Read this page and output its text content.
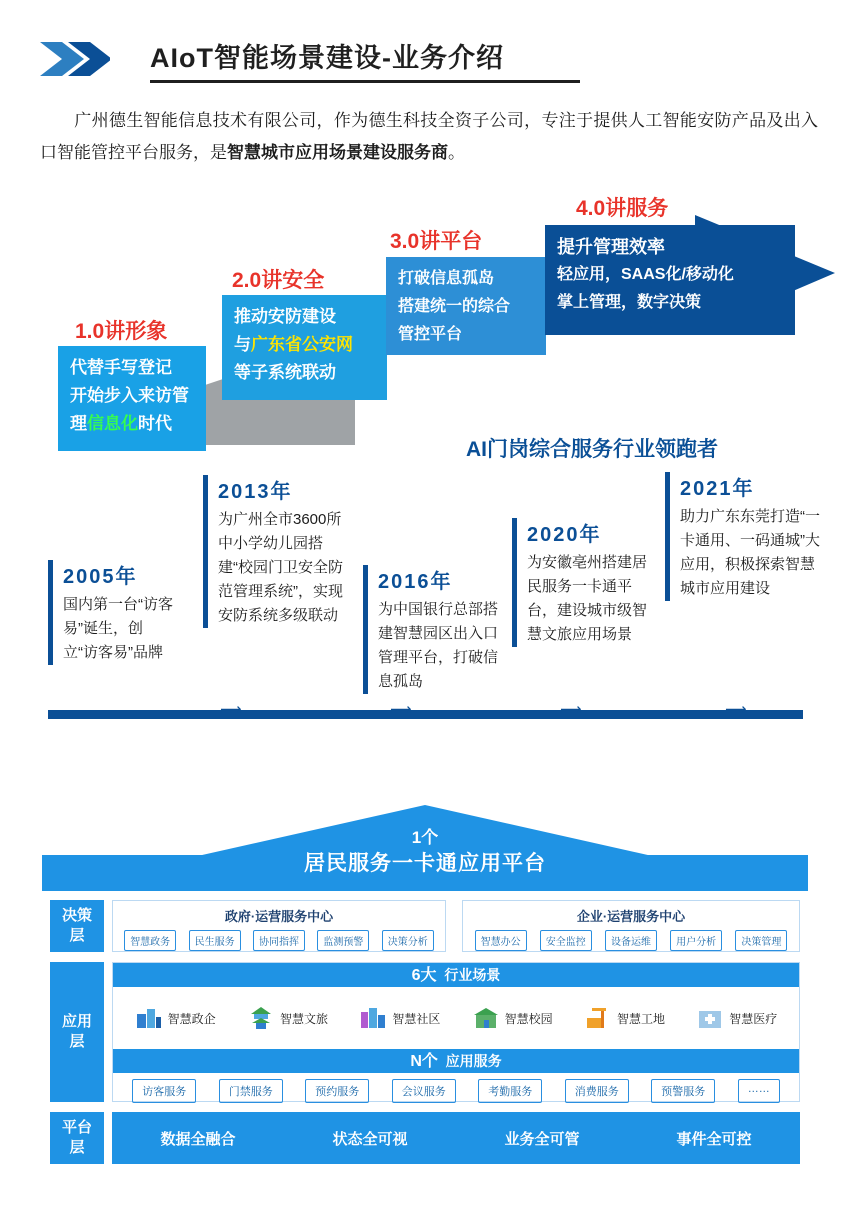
AIoT智能场景建设-业务介绍
广州德生智能信息技术有限公司，作为德生科技全资子公司，专注于提供人工智能安防产品及出入口智能管控平台服务，是智慧城市应用场景建设服务商。
1.0讲形象
代替手写登记
开始步入来访管
理信息化时代
2.0讲安全
推动安防建设
与广东省公安网
等子系统联动
3.0讲平台
打破信息孤岛
搭建统一的综合
管控平台
4.0讲服务
提升管理效率
轻应用，SAAS化/移动化
掌上管理，数字决策
AI门岗综合服务行业领跑者
⟶	⟶	⟶	⟶
2005年
国内第一台“访客易”诞生，创立“访客易”品牌
2013年
为广州全市3600所中小学幼儿园搭建“校园门卫安全防范管理系统”，实现安防系统多级联动
2016年
为中国银行总部搭建智慧园区出入口管理平台，打破信息孤岛
2020年
为安徽亳州搭建居民服务一卡通平台，建设城市级智慧文旅应用场景
2021年
助力广东东莞打造“一卡通用、一码通城”大应用，积极探索智慧城市应用建设
1个
居民服务一卡通应用平台
决策
层
政府·运营服务中心
智慧政务	民生服务	协同指挥	监测预警	决策分析
企业·运营服务中心
智慧办公	安全监控	设备运维	用户分析	决策管理
应用
层
6大 行业场景
智慧政企	智慧文旅	智慧社区	智慧校园	智慧工地	智慧医疗
N个 应用服务
访客服务	门禁服务	预约服务	会议服务	考勤服务	消费服务	预警服务	……
平台
层	数据全融合	状态全可视	业务全可管	事件全可控
